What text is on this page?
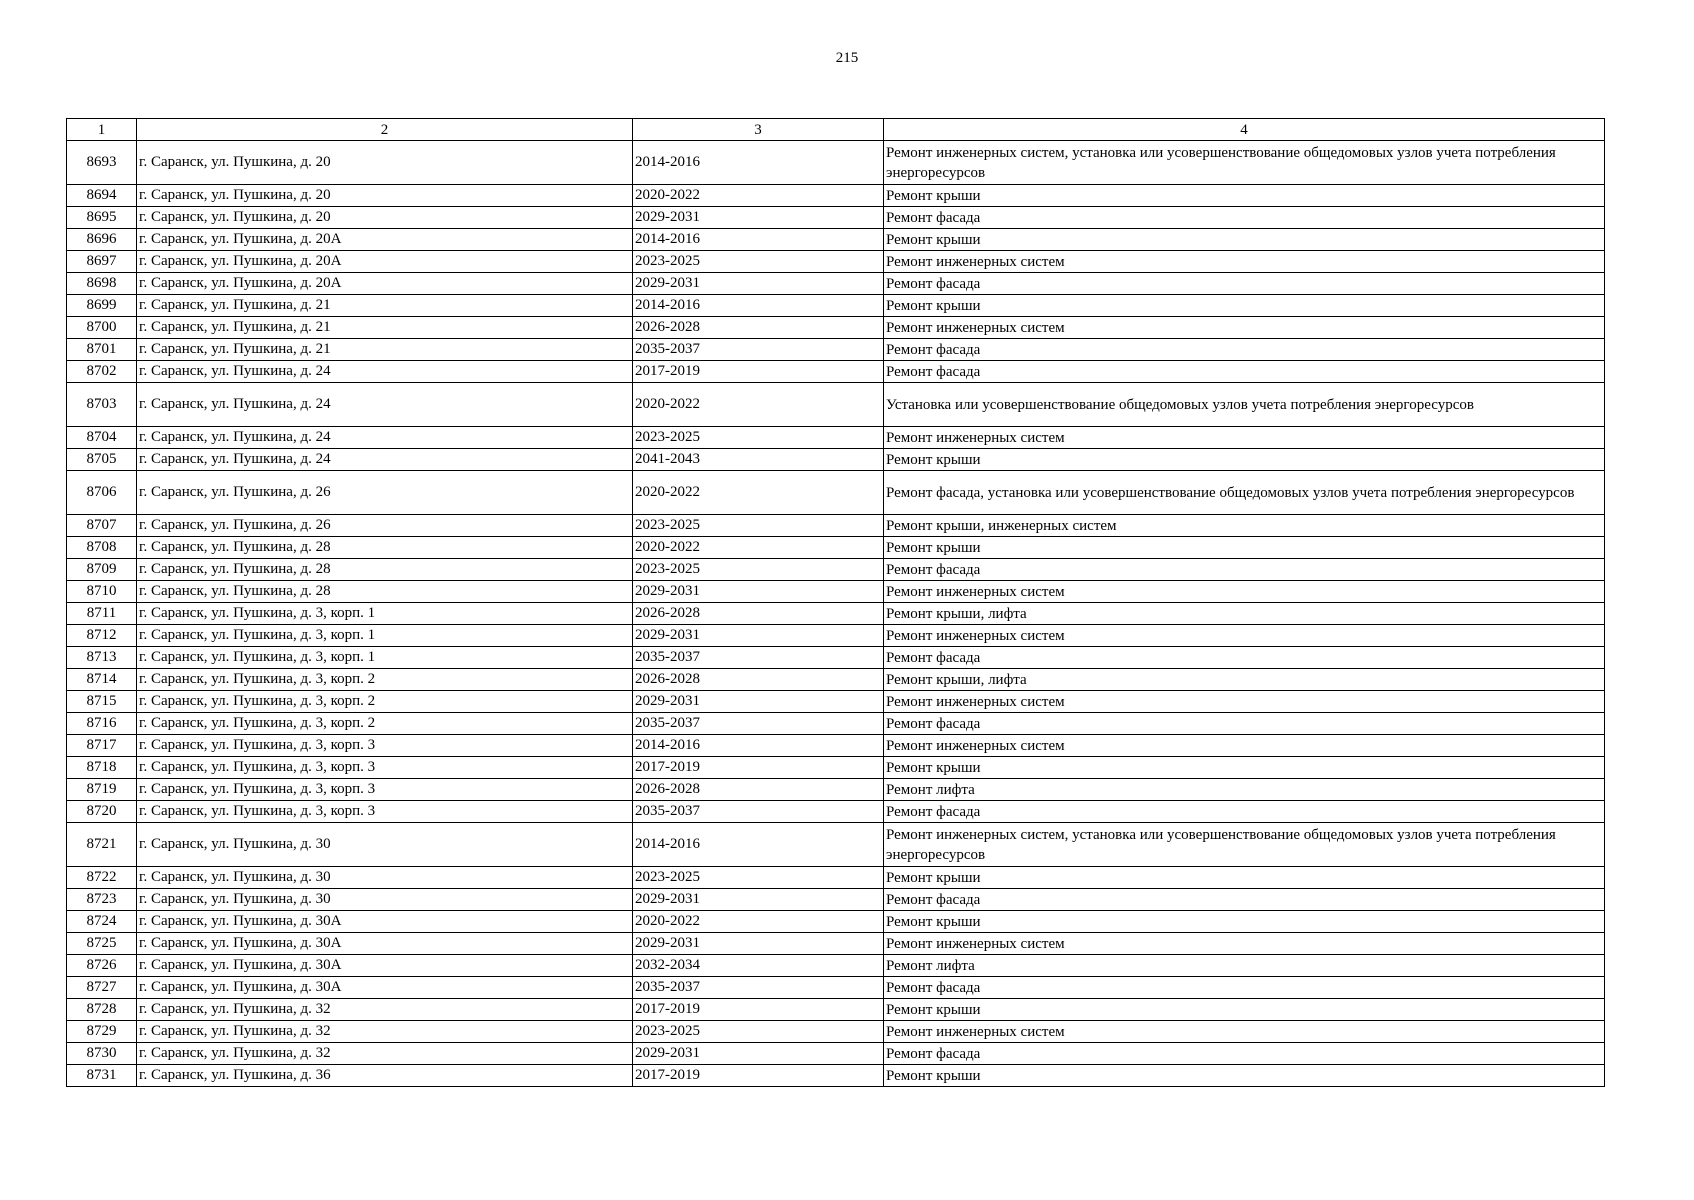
215
1	2	3	4
8693	г. Саранск, ул. Пушкина, д. 20	2014-2016	Ремонт инженерных систем, установка или усовершенствование общедомовых узлов учета потребления энергоресурсов
8694	г. Саранск, ул. Пушкина, д. 20	2020-2022	Ремонт крыши
8695	г. Саранск, ул. Пушкина, д. 20	2029-2031	Ремонт фасада
8696	г. Саранск, ул. Пушкина, д. 20А	2014-2016	Ремонт крыши
8697	г. Саранск, ул. Пушкина, д. 20А	2023-2025	Ремонт инженерных систем
8698	г. Саранск, ул. Пушкина, д. 20А	2029-2031	Ремонт фасада
8699	г. Саранск, ул. Пушкина, д. 21	2014-2016	Ремонт крыши
8700	г. Саранск, ул. Пушкина, д. 21	2026-2028	Ремонт инженерных систем
8701	г. Саранск, ул. Пушкина, д. 21	2035-2037	Ремонт фасада
8702	г. Саранск, ул. Пушкина, д. 24	2017-2019	Ремонт фасада
8703	г. Саранск, ул. Пушкина, д. 24	2020-2022	Установка или усовершенствование общедомовых узлов учета потребления энергоресурсов
8704	г. Саранск, ул. Пушкина, д. 24	2023-2025	Ремонт инженерных систем
8705	г. Саранск, ул. Пушкина, д. 24	2041-2043	Ремонт крыши
8706	г. Саранск, ул. Пушкина, д. 26	2020-2022	Ремонт фасада, установка или усовершенствование общедомовых узлов учета потребления энергоресурсов
8707	г. Саранск, ул. Пушкина, д. 26	2023-2025	Ремонт крыши, инженерных систем
8708	г. Саранск, ул. Пушкина, д. 28	2020-2022	Ремонт крыши
8709	г. Саранск, ул. Пушкина, д. 28	2023-2025	Ремонт фасада
8710	г. Саранск, ул. Пушкина, д. 28	2029-2031	Ремонт инженерных систем
8711	г. Саранск, ул. Пушкина, д. 3, корп. 1	2026-2028	Ремонт крыши, лифта
8712	г. Саранск, ул. Пушкина, д. 3, корп. 1	2029-2031	Ремонт инженерных систем
8713	г. Саранск, ул. Пушкина, д. 3, корп. 1	2035-2037	Ремонт фасада
8714	г. Саранск, ул. Пушкина, д. 3, корп. 2	2026-2028	Ремонт крыши, лифта
8715	г. Саранск, ул. Пушкина, д. 3, корп. 2	2029-2031	Ремонт инженерных систем
8716	г. Саранск, ул. Пушкина, д. 3, корп. 2	2035-2037	Ремонт фасада
8717	г. Саранск, ул. Пушкина, д. 3, корп. 3	2014-2016	Ремонт инженерных систем
8718	г. Саранск, ул. Пушкина, д. 3, корп. 3	2017-2019	Ремонт крыши
8719	г. Саранск, ул. Пушкина, д. 3, корп. 3	2026-2028	Ремонт лифта
8720	г. Саранск, ул. Пушкина, д. 3, корп. 3	2035-2037	Ремонт фасада
8721	г. Саранск, ул. Пушкина, д. 30	2014-2016	Ремонт инженерных систем, установка или усовершенствование общедомовых узлов учета потребления энергоресурсов
8722	г. Саранск, ул. Пушкина, д. 30	2023-2025	Ремонт крыши
8723	г. Саранск, ул. Пушкина, д. 30	2029-2031	Ремонт фасада
8724	г. Саранск, ул. Пушкина, д. 30А	2020-2022	Ремонт крыши
8725	г. Саранск, ул. Пушкина, д. 30А	2029-2031	Ремонт инженерных систем
8726	г. Саранск, ул. Пушкина, д. 30А	2032-2034	Ремонт лифта
8727	г. Саранск, ул. Пушкина, д. 30А	2035-2037	Ремонт фасада
8728	г. Саранск, ул. Пушкина, д. 32	2017-2019	Ремонт крыши
8729	г. Саранск, ул. Пушкина, д. 32	2023-2025	Ремонт инженерных систем
8730	г. Саранск, ул. Пушкина, д. 32	2029-2031	Ремонт фасада
8731	г. Саранск, ул. Пушкина, д. 36	2017-2019	Ремонт крыши
